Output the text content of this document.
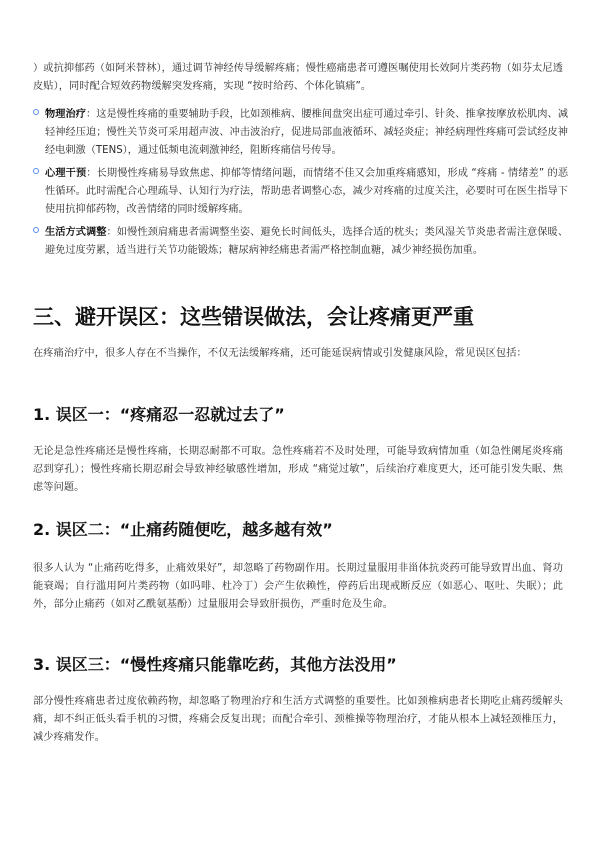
）或抗抑郁药（如阿米替林），通过调节神经传导缓解疼痛；慢性癌痛患者可遵医嘱使用长效阿片类药物（如芬太尼透皮贴），同时配合短效药物缓解突发疼痛，实现 “按时给药、个体化镇痛”。

物理治疗：这是慢性疼痛的重要辅助手段，比如颈椎病、腰椎间盘突出症可通过牵引、针灸、推拿按摩放松肌肉、减轻神经压迫；慢性关节炎可采用超声波、冲击波治疗，促进局部血液循环、减轻炎症；神经病理性疼痛可尝试经皮神经电刺激（TENS），通过低频电流刺激神经，阻断疼痛信号传导。
心理干预：长期慢性疼痛易导致焦虑、抑郁等情绪问题，而情绪不佳又会加重疼痛感知，形成 “疼痛 - 情绪差” 的恶性循环。此时需配合心理疏导、认知行为疗法，帮助患者调整心态，减少对疼痛的过度关注，必要时可在医生指导下使用抗抑郁药物，改善情绪的同时缓解疼痛。
生活方式调整：如慢性颈肩痛患者需调整坐姿、避免长时间低头，选择合适的枕头；类风湿关节炎患者需注意保暖、避免过度劳累，适当进行关节功能锻炼；糖尿病神经痛患者需严格控制血糖，减少神经损伤加重。
三、避开误区：这些错误做法，会让疼痛更严重

在疼痛治疗中，很多人存在不当操作，不仅无法缓解疼痛，还可能延误病情或引发健康风险，常见误区包括：

1. 误区一：“疼痛忍一忍就过去了”

无论是急性疼痛还是慢性疼痛，长期忍耐都不可取。急性疼痛若不及时处理，可能导致病情加重（如急性阑尾炎疼痛忍到穿孔）；慢性疼痛长期忍耐会导致神经敏感性增加，形成 “痛觉过敏”，后续治疗难度更大，还可能引发失眠、焦虑等问题。

2. 误区二：“止痛药随便吃，越多越有效”

很多人认为 “止痛药吃得多，止痛效果好”，却忽略了药物副作用。长期过量服用非甾体抗炎药可能导致胃出血、肾功能衰竭；自行滥用阿片类药物（如吗啡、杜冷丁）会产生依赖性，停药后出现戒断反应（如恶心、呕吐、失眠）；此外，部分止痛药（如对乙酰氨基酚）过量服用会导致肝损伤，严重时危及生命。

3. 误区三：“慢性疼痛只能靠吃药，其他方法没用”

部分慢性疼痛患者过度依赖药物，却忽略了物理治疗和生活方式调整的重要性。比如颈椎病患者长期吃止痛药缓解头痛，却不纠正低头看手机的习惯，疼痛会反复出现；而配合牵引、颈椎操等物理治疗，才能从根本上减轻颈椎压力，减少疼痛发作。
